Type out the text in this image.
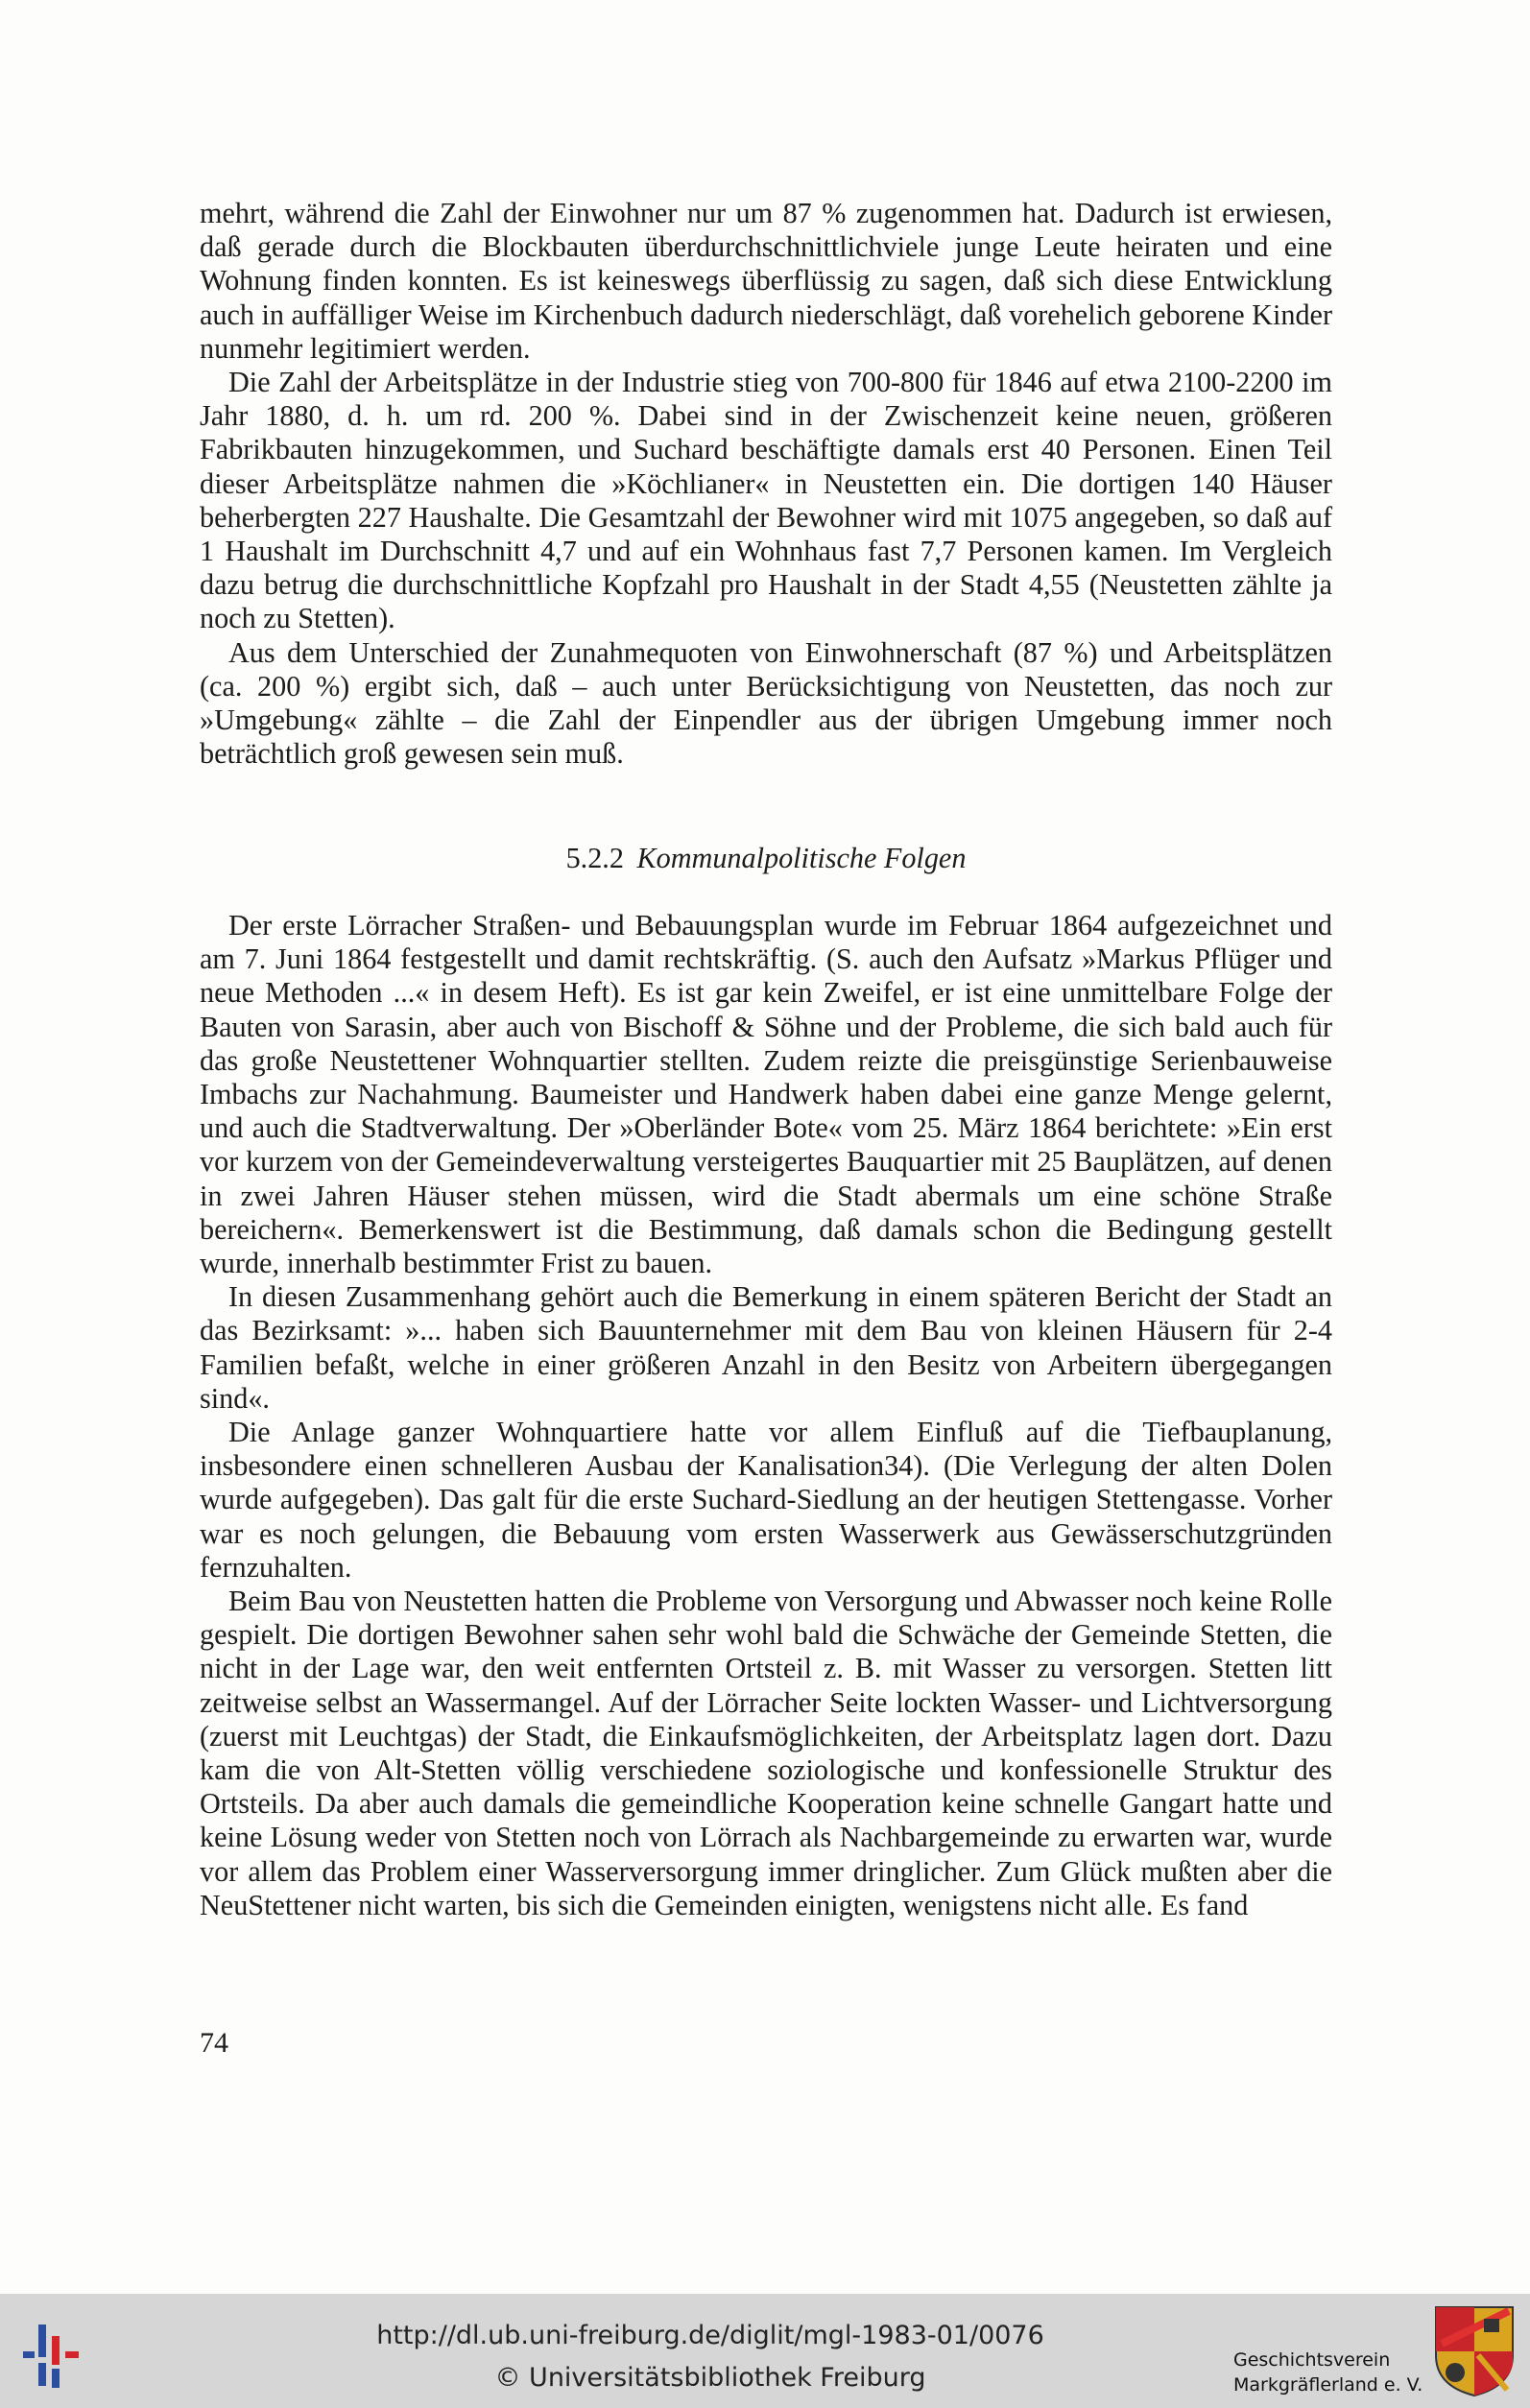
mehrt, während die Zahl der Einwohner nur um 87 % zugenommen hat. Dadurch ist erwiesen, daß gerade durch die Blockbauten überdurchschnittlichviele junge Leute heiraten und eine Wohnung finden konnten. Es ist keineswegs überflüssig zu sagen, daß sich diese Entwicklung auch in auffälliger Weise im Kirchenbuch dadurch niederschlägt, daß vorehelich geborene Kinder nunmehr legitimiert werden.

Die Zahl der Arbeitsplätze in der Industrie stieg von 700-800 für 1846 auf etwa 2100-2200 im Jahr 1880, d. h. um rd. 200 %. Dabei sind in der Zwischenzeit keine neuen, größeren Fabrikbauten hinzugekommen, und Suchard beschäftigte damals erst 40 Personen. Einen Teil dieser Arbeitsplätze nahmen die »Köchlianer« in Neustetten ein. Die dortigen 140 Häuser beherbergten 227 Haushalte. Die Gesamtzahl der Bewohner wird mit 1075 angegeben, so daß auf 1 Haushalt im Durchschnitt 4,7 und auf ein Wohnhaus fast 7,7 Personen kamen. Im Vergleich dazu betrug die durchschnittliche Kopfzahl pro Haushalt in der Stadt 4,55 (Neustetten zählte ja noch zu Stetten).

Aus dem Unterschied der Zunahmequoten von Einwohnerschaft (87 %) und Arbeitsplätzen (ca. 200 %) ergibt sich, daß – auch unter Berücksichtigung von Neustetten, das noch zur »Umgebung« zählte – die Zahl der Einpendler aus der übrigen Umgebung immer noch beträchtlich groß gewesen sein muß.

5.2.2 Kommunalpolitische Folgen

Der erste Lörracher Straßen- und Bebauungsplan wurde im Februar 1864 aufgezeichnet und am 7. Juni 1864 festgestellt und damit rechtskräftig. (S. auch den Aufsatz »Markus Pflüger und neue Methoden ...« in desem Heft). Es ist gar kein Zweifel, er ist eine unmittelbare Folge der Bauten von Sarasin, aber auch von Bischoff & Söhne und der Probleme, die sich bald auch für das große Neustettener Wohnquartier stellten. Zudem reizte die preisgünstige Serienbauweise Imbachs zur Nachahmung. Baumeister und Handwerk haben dabei eine ganze Menge gelernt, und auch die Stadtverwaltung. Der »Oberländer Bote« vom 25. März 1864 berichtete: »Ein erst vor kurzem von der Gemeindeverwaltung versteigertes Bauquartier mit 25 Bauplätzen, auf denen in zwei Jahren Häuser stehen müssen, wird die Stadt abermals um eine schöne Straße bereichern«. Bemerkenswert ist die Bestimmung, daß damals schon die Bedingung gestellt wurde, innerhalb bestimmter Frist zu bauen.

In diesen Zusammenhang gehört auch die Bemerkung in einem späteren Bericht der Stadt an das Bezirksamt: »... haben sich Bauunternehmer mit dem Bau von kleinen Häusern für 2-4 Familien befaßt, welche in einer größeren Anzahl in den Besitz von Arbeitern übergegangen sind«.

Die Anlage ganzer Wohnquartiere hatte vor allem Einfluß auf die Tiefbauplanung, insbesondere einen schnelleren Ausbau der Kanalisation34). (Die Verlegung der alten Dolen wurde aufgegeben). Das galt für die erste Suchard-Siedlung an der heutigen Stettengasse. Vorher war es noch gelungen, die Bebauung vom ersten Wasserwerk aus Gewässerschutzgründen fernzuhalten.

Beim Bau von Neustetten hatten die Probleme von Versorgung und Abwasser noch keine Rolle gespielt. Die dortigen Bewohner sahen sehr wohl bald die Schwäche der Gemeinde Stetten, die nicht in der Lage war, den weit entfernten Ortsteil z. B. mit Wasser zu versorgen. Stetten litt zeitweise selbst an Wassermangel. Auf der Lörracher Seite lockten Wasser- und Lichtversorgung (zuerst mit Leuchtgas) der Stadt, die Einkaufsmöglichkeiten, der Arbeitsplatz lagen dort. Dazu kam die von Alt-Stetten völlig verschiedene soziologische und konfessionelle Struktur des Ortsteils. Da aber auch damals die gemeindliche Kooperation keine schnelle Gangart hatte und keine Lösung weder von Stetten noch von Lörrach als Nachbargemeinde zu erwarten war, wurde vor allem das Problem einer Wasserversorgung immer dringlicher. Zum Glück mußten aber die NeuStettener nicht warten, bis sich die Gemeinden einigten, wenigstens nicht alle. Es fand

74
http://dl.ub.uni-freiburg.de/diglit/mgl-1983-01/0076
© Universitätsbibliothek Freiburg
Geschichtsverein
Markgräflerland e. V.
